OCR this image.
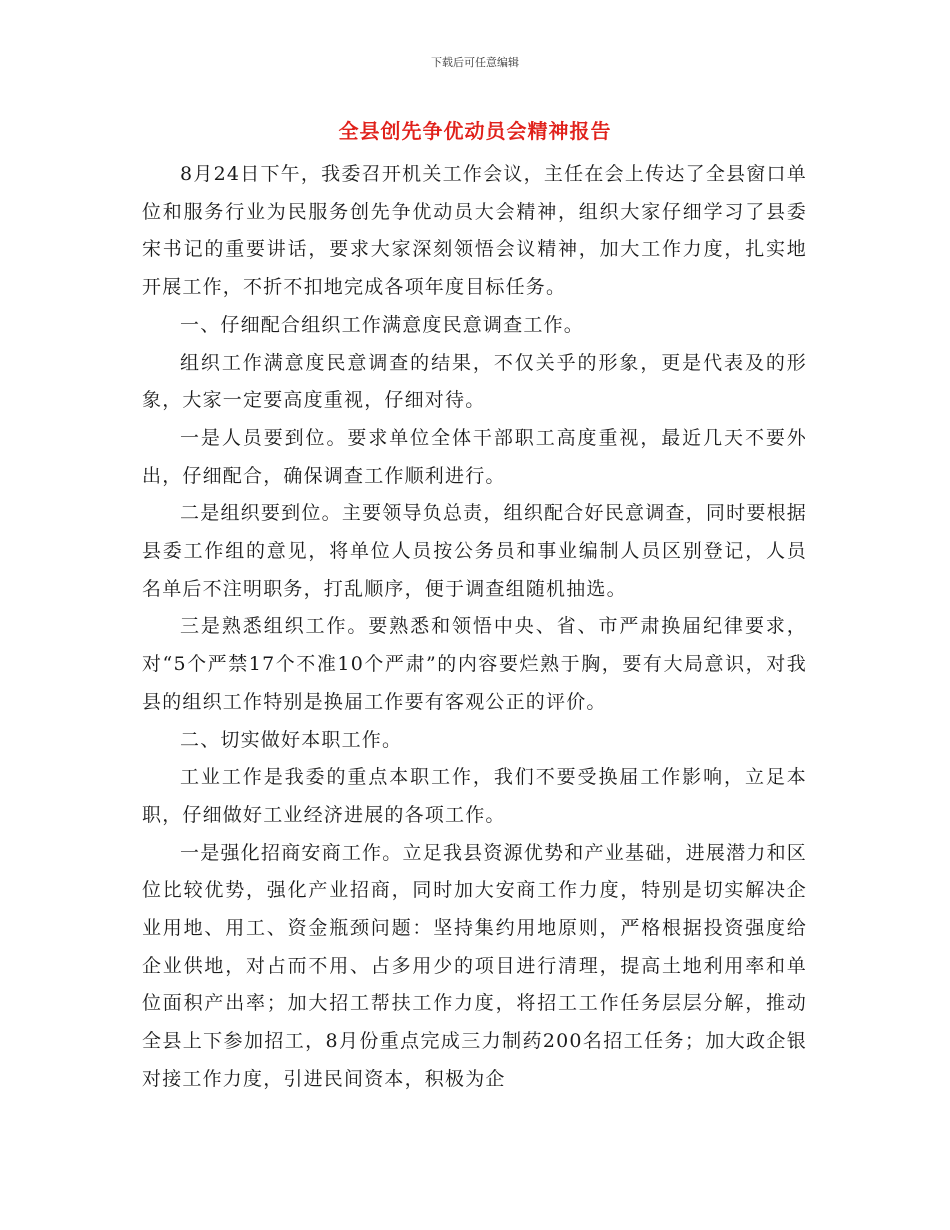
下载后可任意编辑
全县创先争优动员会精神报告

8月24日下午，我委召开机关工作会议，主任在会上传达了全县窗口单位和服务行业为民服务创先争优动员大会精神，组织大家仔细学习了县委宋书记的重要讲话，要求大家深刻领悟会议精神，加大工作力度，扎实地开展工作，不折不扣地完成各项年度目标任务。

一、仔细配合组织工作满意度民意调查工作。

组织工作满意度民意调查的结果，不仅关乎的形象，更是代表及的形象，大家一定要高度重视，仔细对待。

一是人员要到位。要求单位全体干部职工高度重视，最近几天不要外出，仔细配合，确保调查工作顺利进行。

二是组织要到位。主要领导负总责，组织配合好民意调查，同时要根据县委工作组的意见，将单位人员按公务员和事业编制人员区别登记，人员名单后不注明职务，打乱顺序，便于调查组随机抽选。

三是熟悉组织工作。要熟悉和领悟中央、省、市严肃换届纪律要求，对“5个严禁17个不准10个严肃”的内容要烂熟于胸，要有大局意识，对我县的组织工作特别是换届工作要有客观公正的评价。

二、切实做好本职工作。

工业工作是我委的重点本职工作，我们不要受换届工作影响，立足本职，仔细做好工业经济进展的各项工作。

一是强化招商安商工作。立足我县资源优势和产业基础，进展潜力和区位比较优势，强化产业招商，同时加大安商工作力度，特别是切实解决企业用地、用工、资金瓶颈问题：坚持集约用地原则，严格根据投资强度给企业供地，对占而不用、占多用少的项目进行清理，提高土地利用率和单位面积产出率；加大招工帮扶工作力度，将招工工作任务层层分解，推动全县上下参加招工，8月份重点完成三力制药200名招工任务；加大政企银对接工作力度，引进民间资本，积极为企
